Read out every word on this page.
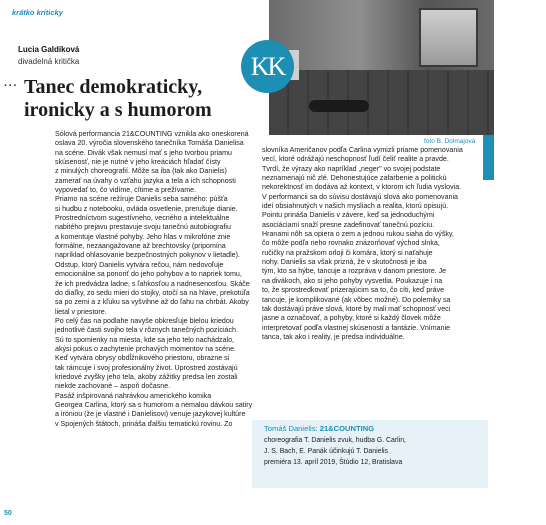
krátko kriticky
Lucia Galdíková
divadelná kritička
··· Tanec demokraticky, ironicky a s humorom
KK
foto B. Dolmajová

Sólová performancia 21&COUNTING vznikla ako oneskorená

oslava 20. výročia slovenského tanečníka Tomáša Danielisa

na scéne. Divák však nemusí mať s jeho tvorbou priamu

skúsenosť, nie je nutné v jeho kreáciách hľadať čísty

z minulých choreografií. Môže sa iba (tak ako Danielis)

zamerať na úvahy o vzťahu jazyka a tela a ich schopnosti

vypovedať to, čo vidíme, cítime a prežívame.

Priamo na scéne režíruje Danielis seba samého: púšťa

si hudbu z notebooku, ovláda osvetlenie, prerušuje dianie.

Prostredníctvom sugestívneho, vecného a intelektuálne

nabitého prejavu prestavuje svoju tanečnú autobiografiu

a komentuje vlastné pohyby. Jeho hlas v mikrofóne znie

formálne, nezaangažovane až brechtovsky (pripomína

napríklad ohlasovanie bezpečnostných pokynov v lietadle).

Odstup, ktorý Danielis vytvára rečou, nám nedovoľuje

emocionálne sa ponoriť do jeho pohybov a to napriek tomu,

že ich predvádza ladne, s ľahkosťou a nadnesenosťou. Skáče

do diaľky, zo sedu mieri do stojky, otočí sa na hlave, prekotúľa

sa po zemi a z kľuku sa vyšvihne až do ľahu na chrbát. Akoby

lietal v priestore.

Po celý čas na podlahe navyše obkresľuje bielou kriedou

jednotlivé časti svojho tela v rôznych tanečných pozíciách.

Sú to spomienky na miesta, kde sa jeho telo nachádzalo,

akýsi pokus o zachytenie prchavých momentov na scéne.

Keď vytvára obrysy obdĺžnikového priestoru, obrazne si

tak rámcuje i svoj profesionálny život. Uprostred zostávajú

kriedové zvyšky jeho tela, akoby zážitky predsa len zostali

niekde zachované – aspoň dočasne.

Pasáž inšpirovaná nahrávkou amerického komika

Georgea Carlina, ktorý sa s humorom a nemalou dávkou satiry

a iróniou (že je vlastné i Danielisovi) venuje jazykovej kultúre

v Spojených štátoch, prináša ďalšiu tematickú rovinu. Zo

slovníka Američanov podľa Carlina vymizli priame pomenovania

vecí, ktoré odrážajú neschopnosť ľudí čeliť realite a pravde.

Tvrdí, že výrazy ako napríklad „neger" vo svojej podstate

neznamenajú nič zlé. Dehonestujúce zafarbenie a politickú

nekorektnosť im dodáva až kontext, v ktorom ich ľudia vyslovia.

V performancii sa do súvisu dostávajú slová ako pomenovania

ideí obsiahnutých v našich mysliach a realita, ktorú opisujú.

Pointu prináša Danielis v závere, keď sa jednoduchými

asociáciami snaží presne zadefinovať tanečnú pozíciu.

Hranami nôh sa opiera o zem a jednou rukou siaha do výšky,

čo môže podľa neho rovnako znázorňovať východ slnka,

ručičky na pražskom orloji či komára, ktorý si naťahuje

nohy. Danielis sa však prizná, že v skutočnosti je iba

tým, kto sa hýbe, tancuje a rozpráva v danom priestore. Je

na divákoch, ako si jeho pohyby vysvetlia. Poukazuje i na

to, že sprostredkovať prizerajúcim sa to, čo cíti, keď práve

tancuje, je komplikované (ak vôbec možné). Do polemiky sa

tak dostávajú práve slová, ktoré by mali mať schopnosť veci

jasne a označovať, a pohyby, ktoré si každý človek môže

interpretovať podľa vlastnej skúsenosti a fantázie. Vnímanie

tanca, tak ako i reality, je predsa individuálne.

Tomáš Danielis: 21&COUNTING
choreografia T. Danielis zvuk, hudba G. Carlin,
J. S. Bach, E. Panák účinkujú T. Danielis
premiéra 13. apríl 2019, Štúdio 12, Bratislava
50
